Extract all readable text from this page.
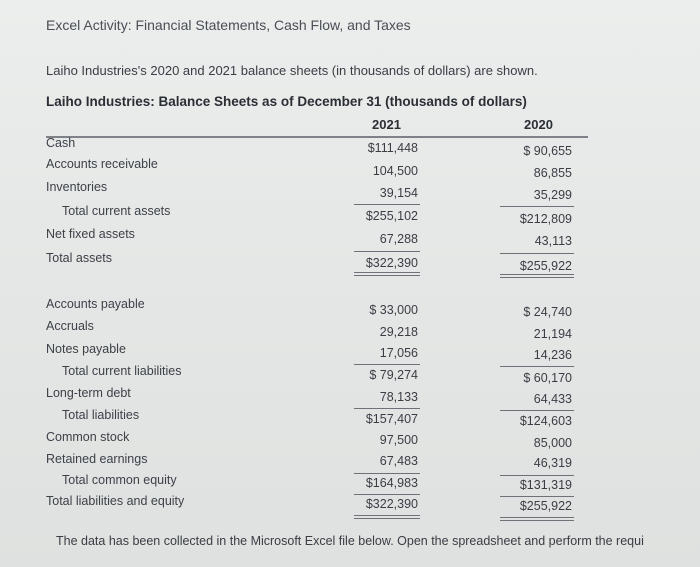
Excel Activity: Financial Statements, Cash Flow, and Taxes
Laiho Industries's 2020 and 2021 balance sheets (in thousands of dollars) are shown.
Laiho Industries: Balance Sheets as of December 31 (thousands of dollars)
2021	2020
Cash	$111,448	$ 90,655
Accounts receivable	104,500	86,855
Inventories	39,154	35,299
Total current assets	$255,102	$212,809
Net fixed assets	67,288	43,113
Total assets	$322,390	$255,922
Accounts payable	$ 33,000	$ 24,740
Accruals	29,218	21,194
Notes payable	17,056	14,236
Total current liabilities	$ 79,274	$ 60,170
Long-term debt	78,133	64,433
Total liabilities	$157,407	$124,603
Common stock	97,500	85,000
Retained earnings	67,483	46,319
Total common equity	$164,983	$131,319
Total liabilities and equity	$322,390	$255,922
The data has been collected in the Microsoft Excel file below. Open the spreadsheet and perform the requi
